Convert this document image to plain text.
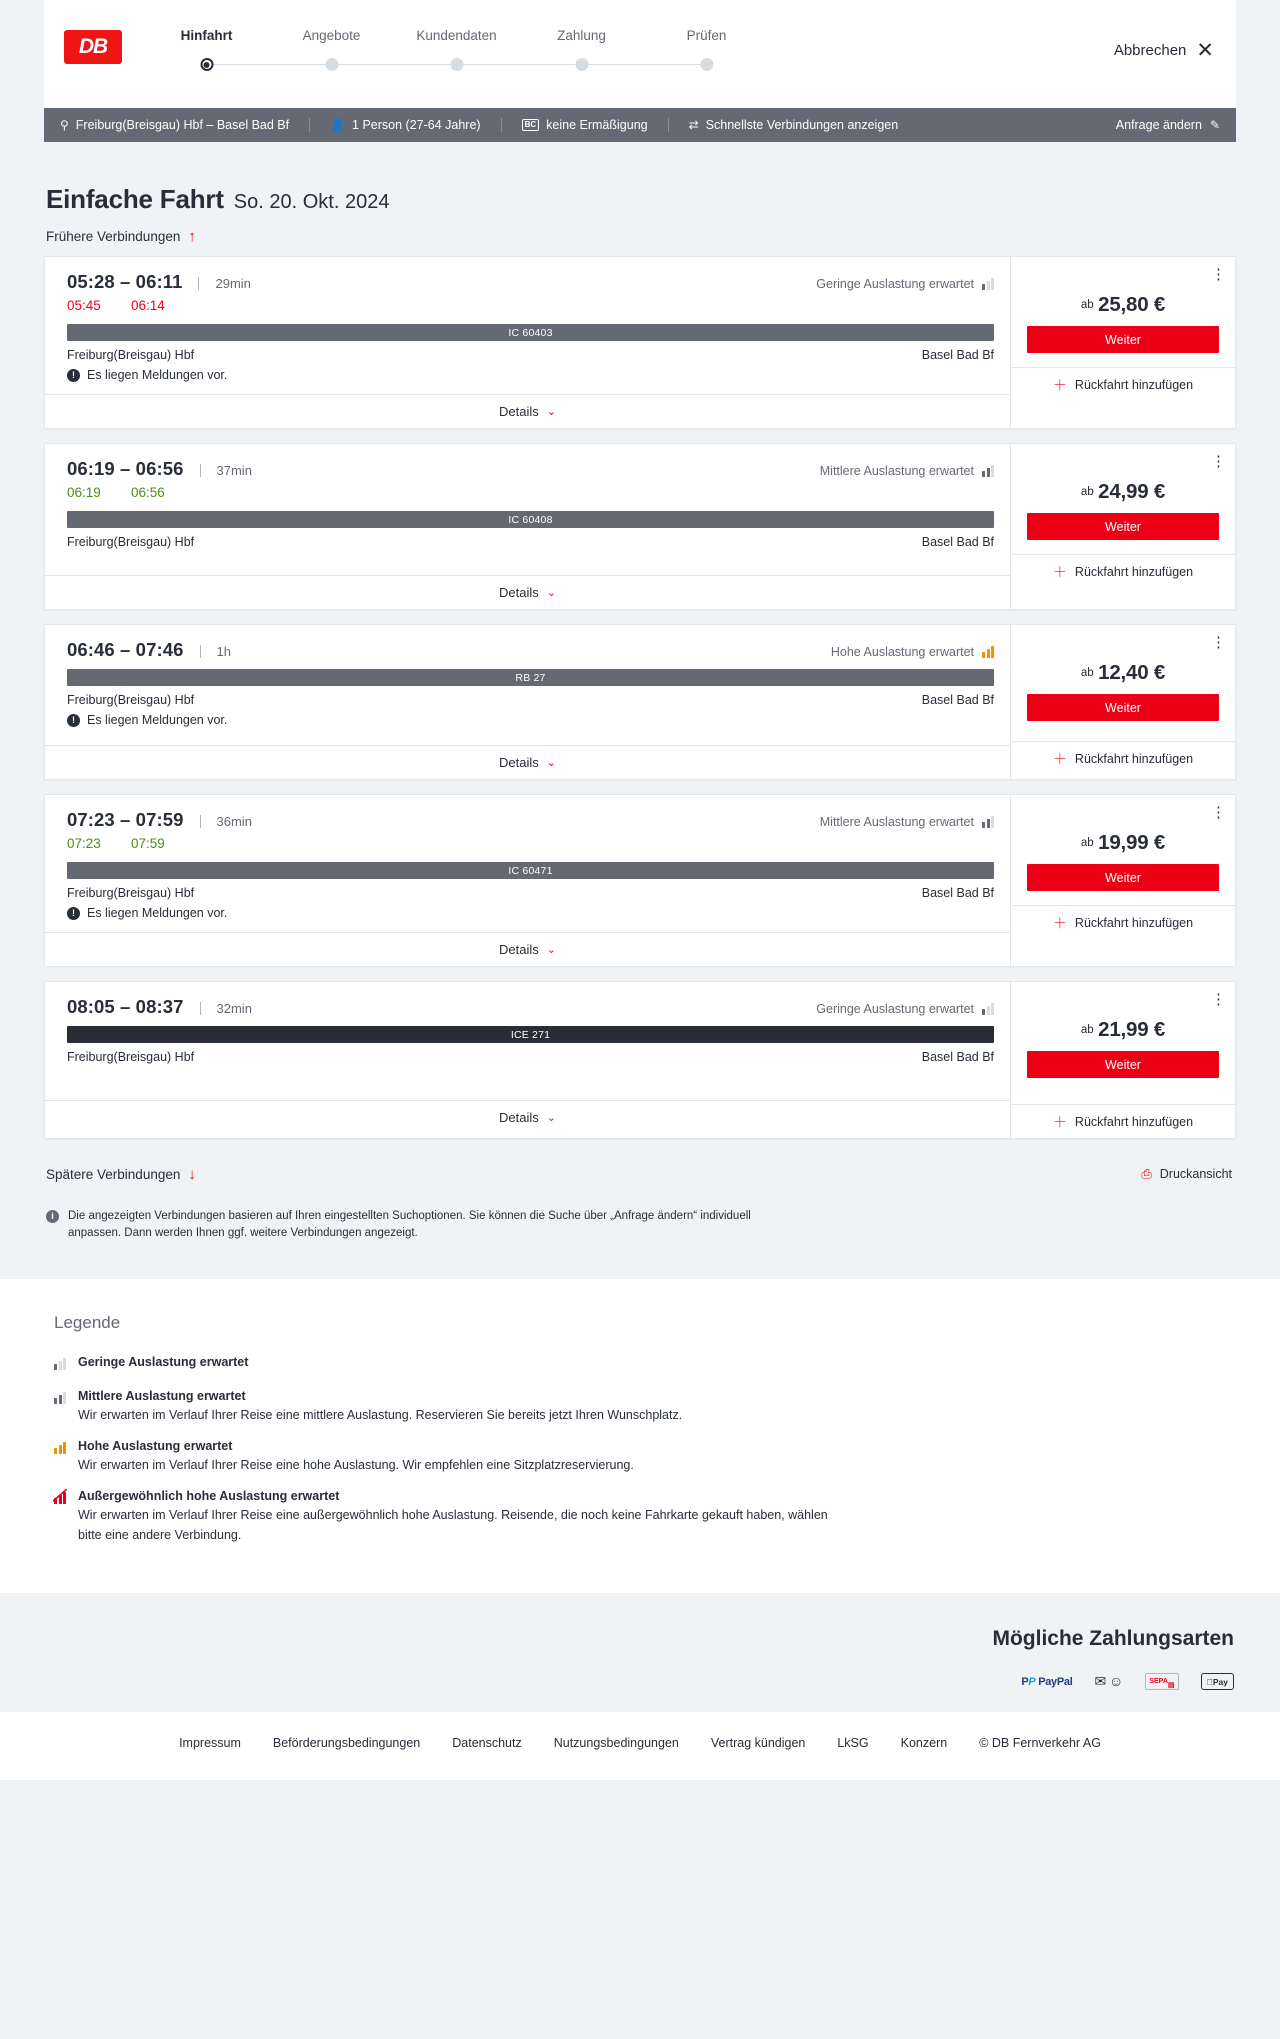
DB	Hinfahrt	Angebote	Kundendaten	Zahlung	Prüfen
Abbrechen ✕
⚲ Freiburg(Breisgau) Hbf – Basel Bad Bf	👤 1 Person (27-64 Jahre)	BC keine Ermäßigung	⇄ Schnellste Verbindungen anzeigen	Anfrage ändern ✎
Einfache Fahrt So. 20. Okt. 2024
Frühere Verbindungen ↑
05:28 – 06:11	29min	Geringe Auslastung erwartet
05:45	06:14
IC 60403
Freiburg(Breisgau) Hbf	Basel Bad Bf
! Es liegen Meldungen vor.
Details ⌄
⋮
ab 25,80 €
Weiter
＋ Rückfahrt hinzufügen
06:19 – 06:56	37min	Mittlere Auslastung erwartet
06:19	06:56
IC 60408
Freiburg(Breisgau) Hbf	Basel Bad Bf
Details ⌄
⋮
ab 24,99 €
Weiter
＋ Rückfahrt hinzufügen
06:46 – 07:46	1h	Hohe Auslastung erwartet
RB 27
Freiburg(Breisgau) Hbf	Basel Bad Bf
! Es liegen Meldungen vor.
Details ⌄
⋮
ab 12,40 €
Weiter
＋ Rückfahrt hinzufügen
07:23 – 07:59	36min	Mittlere Auslastung erwartet
07:23	07:59
IC 60471
Freiburg(Breisgau) Hbf	Basel Bad Bf
! Es liegen Meldungen vor.
Details ⌄
⋮
ab 19,99 €
Weiter
＋ Rückfahrt hinzufügen
08:05 – 08:37	32min	Geringe Auslastung erwartet
ICE 271
Freiburg(Breisgau) Hbf	Basel Bad Bf
Details ⌄
⋮
ab 21,99 €
Weiter
＋ Rückfahrt hinzufügen
Spätere Verbindungen ↓	⎙ Druckansicht
i	Die angezeigten Verbindungen basieren auf Ihren eingestellten Suchoptionen. Sie können die Suche über „Anfrage ändern“ individuell anpassen. Dann werden Ihnen ggf. weitere Verbindungen angezeigt.
Legende
Geringe Auslastung erwartet
Mittlere Auslastung erwartet

Wir erwarten im Verlauf Ihrer Reise eine mittlere Auslastung. Reservieren Sie bereits jetzt Ihren Wunschplatz.

Hohe Auslastung erwartet

Wir erwarten im Verlauf Ihrer Reise eine hohe Auslastung. Wir empfehlen eine Sitzplatzreservierung.

Außergewöhnlich hohe Auslastung erwartet

Wir erwarten im Verlauf Ihrer Reise eine außergewöhnlich hohe Auslastung. Reisende, die noch keine Fahrkarte gekauft haben, wählen bitte eine andere Verbindung.

Mögliche Zahlungsarten
P P
PayPal	✉ ☺	SEPA

▤	Pay
Impressum	Beförderungsbedingungen	Datenschutz	Nutzungsbedingungen	Vertrag kündigen	LkSG	Konzern	© DB Fernverkehr AG
